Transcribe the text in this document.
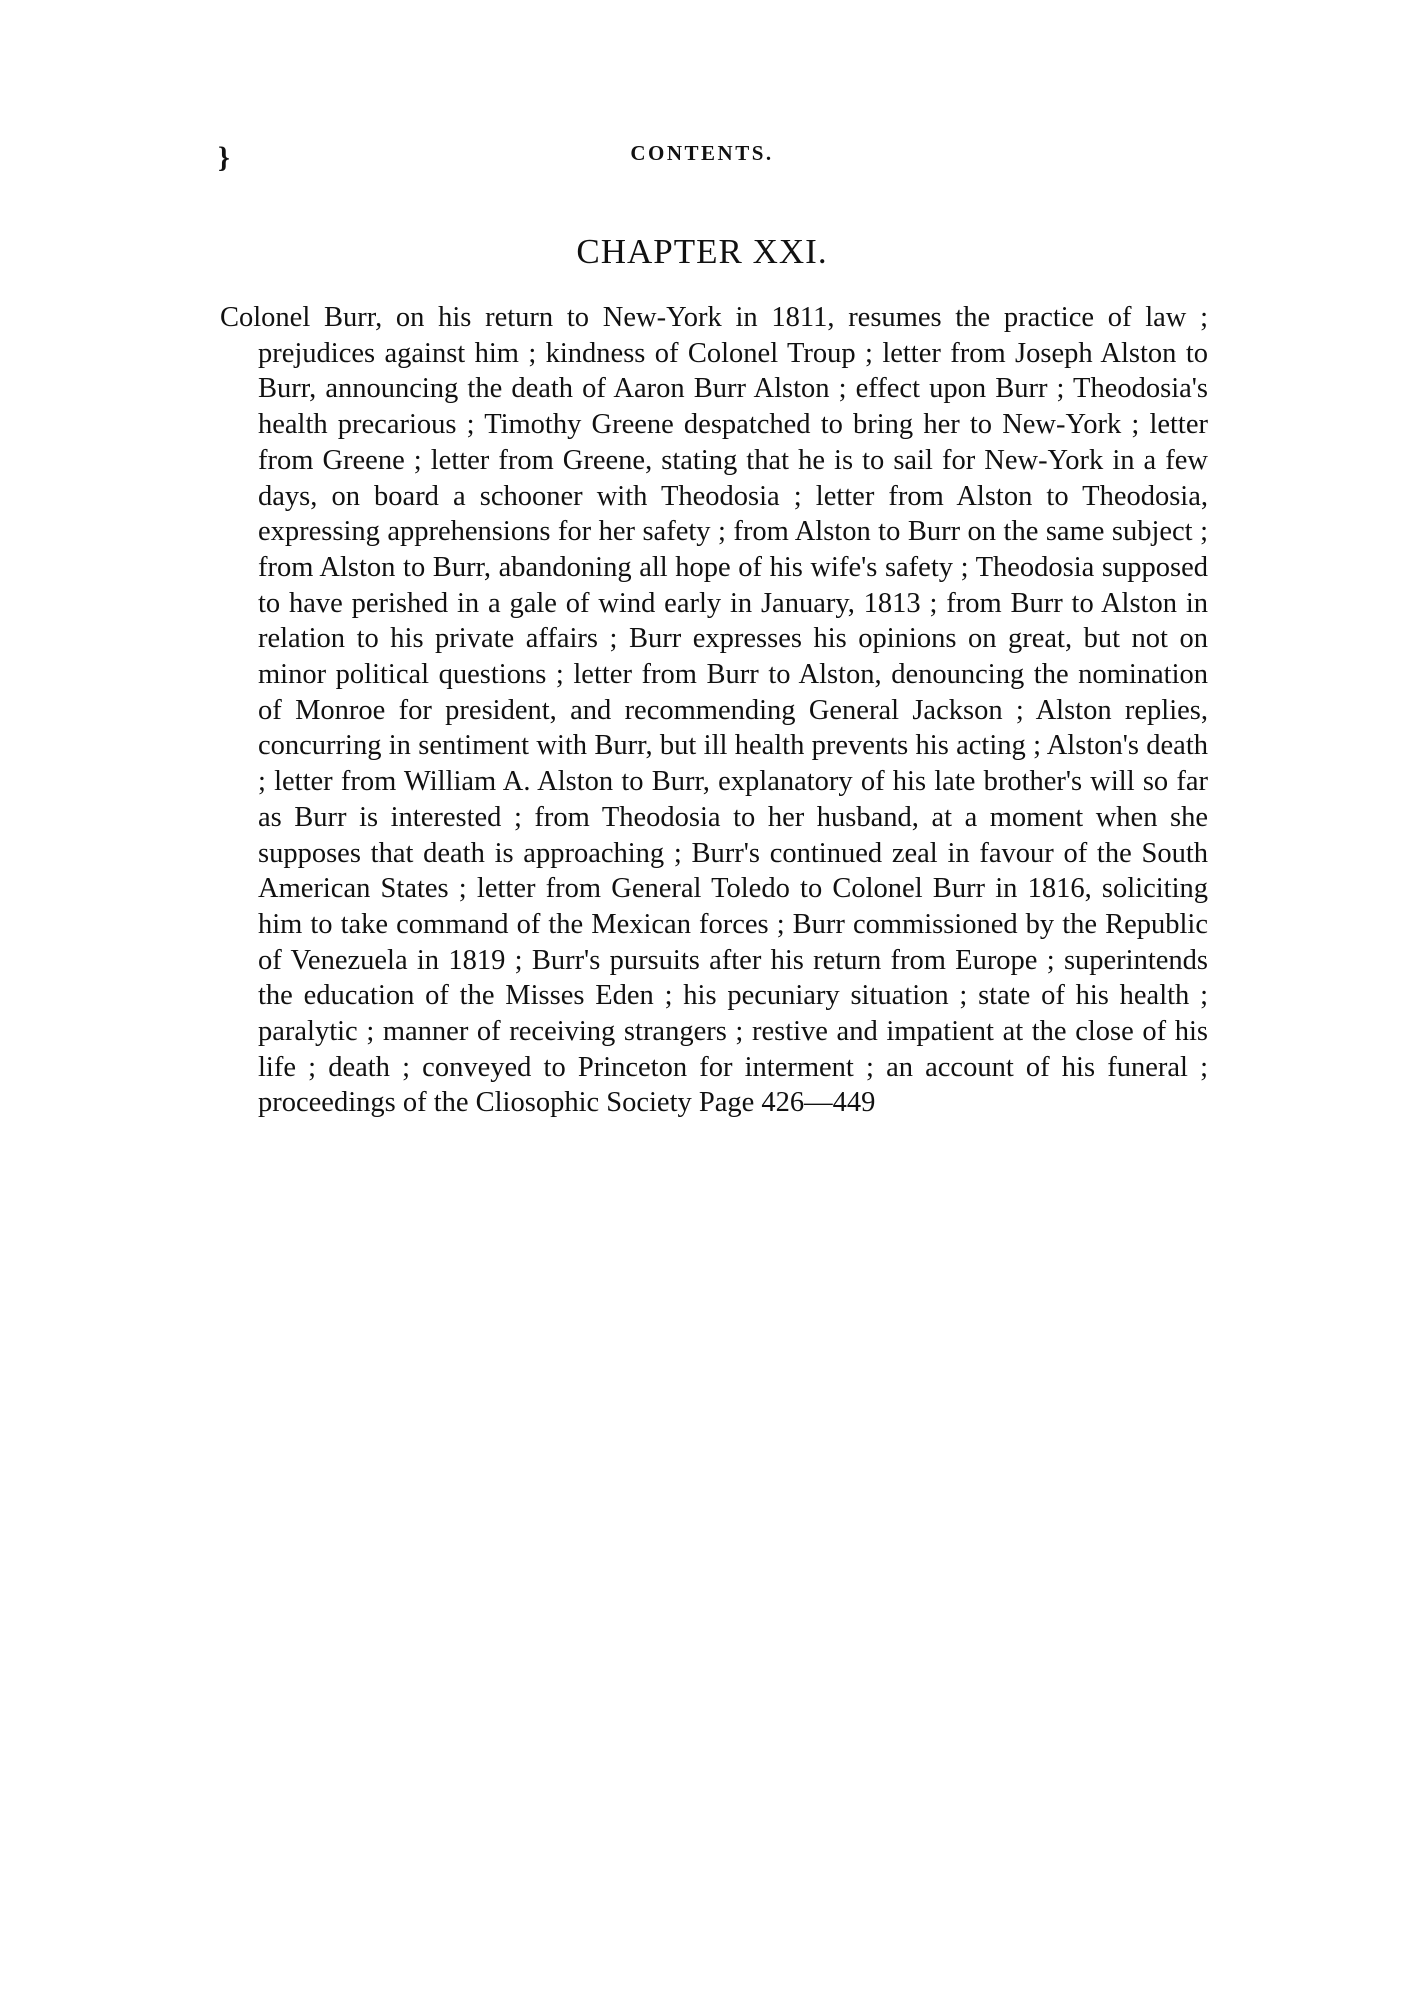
}	CONTENTS.
CHAPTER XXI.

Colonel Burr, on his return to New-York in 1811, resumes the practice of law ; prejudices against him ; kindness of Colonel Troup ; letter from Joseph Alston to Burr, announcing the death of Aaron Burr Alston ; effect upon Burr ; Theodosia's health precarious ; Timothy Greene despatched to bring her to New-York ; letter from Greene ; letter from Greene, stating that he is to sail for New-York in a few days, on board a schooner with Theodosia ; letter from Alston to Theodosia, expressing apprehensions for her safety ; from Alston to Burr on the same subject ; from Alston to Burr, abandoning all hope of his wife's safety ; Theodosia supposed to have perished in a gale of wind early in January, 1813 ; from Burr to Alston in relation to his private affairs ; Burr expresses his opinions on great, but not on minor political questions ; letter from Burr to Alston, denouncing the nomination of Monroe for president, and recommending General Jackson ; Alston replies, concurring in sentiment with Burr, but ill health prevents his acting ; Alston's death ; letter from William A. Alston to Burr, explanatory of his late brother's will so far as Burr is interested ; from Theodosia to her husband, at a moment when she supposes that death is approaching ; Burr's continued zeal in favour of the South American States ; letter from General Toledo to Colonel Burr in 1816, soliciting him to take command of the Mexican forces ; Burr commissioned by the Republic of Venezuela in 1819 ; Burr's pursuits after his return from Europe ; superintends the education of the Misses Eden ; his pecuniary situation ; state of his health ; paralytic ; manner of receiving strangers ; restive and impatient at the close of his life ; death ; conveyed to Princeton for interment ; an account of his funeral ; proceedings of the Cliosophic Society Page 426—449
